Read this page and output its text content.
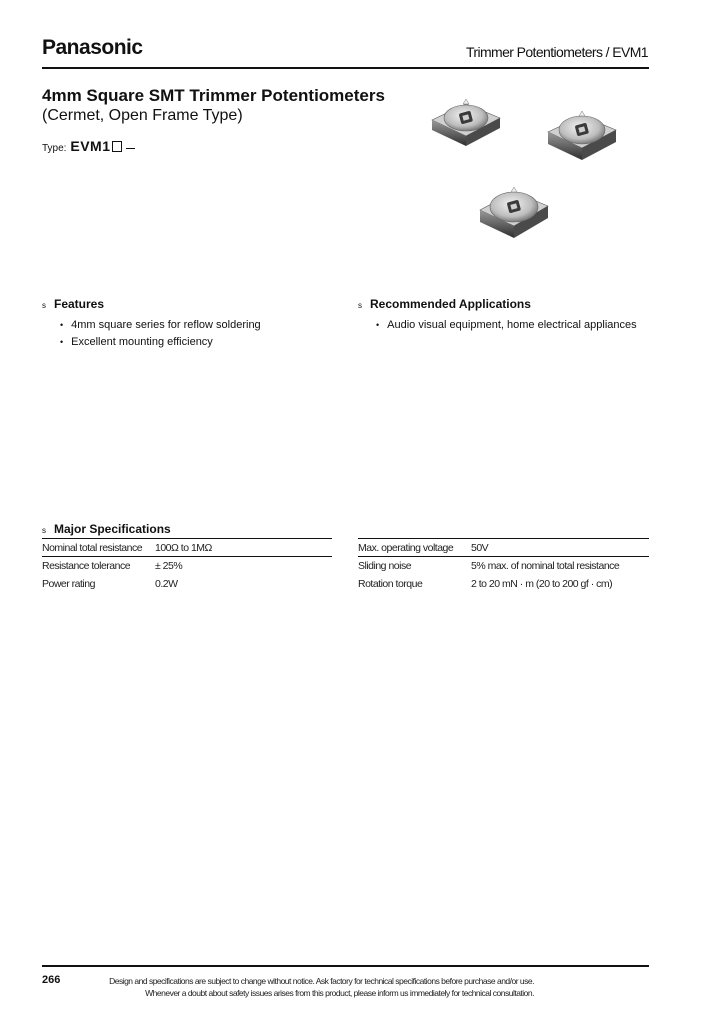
Panasonic	Trimmer Potentiometers / EVM1
4mm Square SMT Trimmer Potentiometers
(Cermet, Open Frame Type)
Type: EVM1
s Features
• 4mm square series for reflow soldering
• Excellent mounting efficiency
s Recommended Applications
• Audio visual equipment, home electrical appliances
s Major Specifications
Nominal total resistance	100Ω to 1MΩ
Resistance tolerance	± 25%
Power rating	0.2W
Max. operating voltage	50V
Sliding noise	5% max. of nominal total resistance
Rotation torque	2 to 20 mN · m (20 to 200 gf · cm)
266	Design and specifications are subject to change without notice. Ask factory for technical specifications before purchase and/or use.
Whenever a doubt about safety issues arises from this product, please inform us immediately for technical consultation.
